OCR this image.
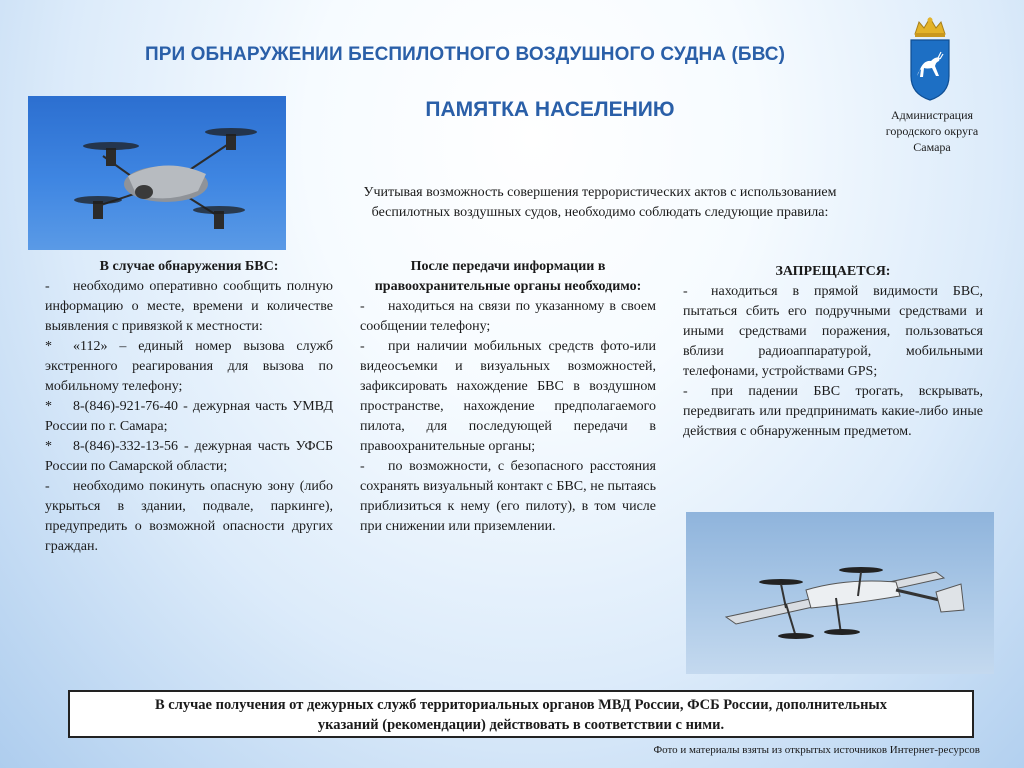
ПРИ ОБНАРУЖЕНИИ БЕСПИЛОТНОГО ВОЗДУШНОГО СУДНА (БВС)
ПАМЯТКА НАСЕЛЕНИЮ	Администрация
городского округа
Самара
Учитывая возможность совершения террористических актов с использованием
беспилотных воздушных судов, необходимо соблюдать следующие правила:

В случае обнаружения БВС:

- необходимо оперативно сообщить полную информацию о месте, времени и количестве выявления с привязкой к местности:

* «112» – единый номер вызова служб экстренного реагирования для вызова по мобильному телефону;

* 8-(846)-921-76-40 - дежурная часть УМВД России по г. Самара;

* 8-(846)-332-13-56 - дежурная часть УФСБ России по Самарской области;

- необходимо покинуть опасную зону (либо укрыться в здании, подвале, паркинге), предупредить о возможной опасности других граждан.

После передачи информации в правоохранительные органы необходимо:

- находиться на связи по указанному в своем сообщении телефону;

- при наличии мобильных средств фото-или видеосъемки и визуальных возможностей, зафиксировать нахождение БВС в воздушном пространстве, нахождение предполагаемого пилота, для последующей передачи в правоохранительные органы;

- по возможности, с безопасного расстояния сохранять визуальный контакт с БВС, не пытаясь приблизиться к нему (его пилоту), в том числе при снижении или приземлении.

ЗАПРЕЩАЕТСЯ:

- находиться в прямой видимости БВС, пытаться сбить его подручными средствами и иными средствами поражения, пользоваться вблизи радиоаппаратурой, мобильными телефонами, устройствами GPS;

- при падении БВС трогать, вскрывать, передвигать или предпринимать какие-либо иные действия с обнаруженным предметом.

В случае получения от дежурных служб территориальных органов МВД России, ФСБ России, дополнительных
указаний (рекомендации) действовать в соответствии с ними.
Фото и материалы взяты из открытых источников Интернет-ресурсов
